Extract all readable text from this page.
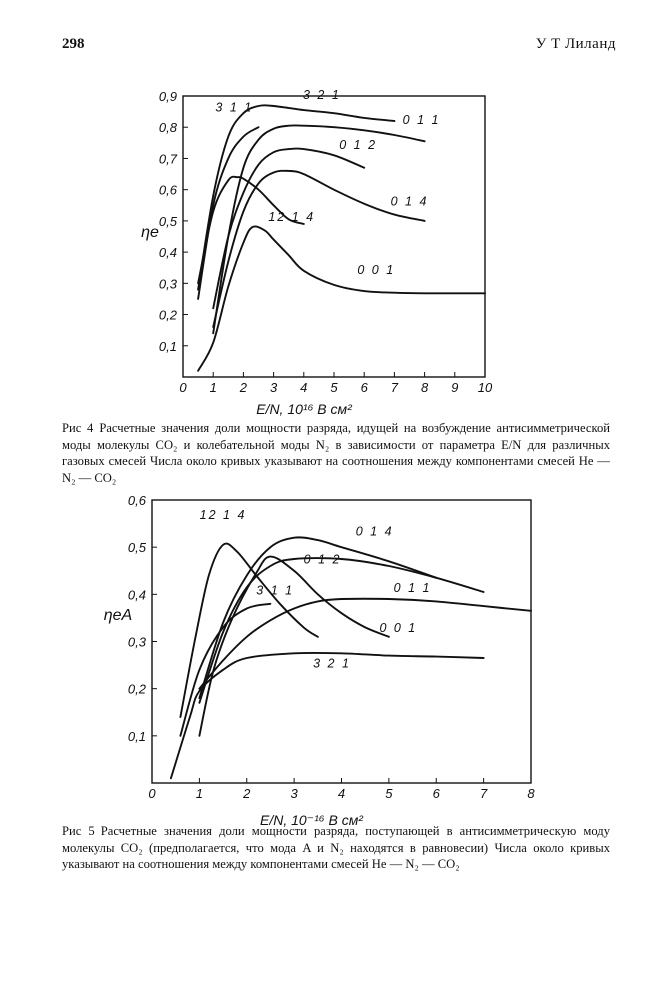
298	У Т Лиланд
0 1 2 3 4 5 6 7 8 9 10
0,1
0,2
0,3
0,4
0,5
0,6
0,7
0,8
0,9
E/N, 10¹⁶ В см²
ηe
3 2 1
3 1 1
0 1 1
0 1 2
0 1 4
12 1 4
0 0 1
0	1	2	3	4	5	6	7	8
0,1
0,2
0,3
0,4
0,5
0,6
E/N, 10⁻¹⁶ В см²
ηeA
12 1 4
0 1 4
0 1 2
3 1 1	0 1 1
0 0 1
3 2 1
Рис 4 Расчетные значения доли мощности разряда, идущей на возбуждение антисимметрической моды молекулы CO₂ и колебательной моды N₂ в зависимости от параметра E/N для различных газовых смесей Числа около кривых указывают на соотношения между компонентами смесей He — N₂ — CO₂
Рис 5 Расчетные значения доли мощности разряда, поступающей в антисимметрическую моду молекулы CO₂ (предполагается, что мода A и N₂ находятся в равновесии) Числа около кривых указывают на соотношения между компонентами смесей He — N₂ — CO₂
